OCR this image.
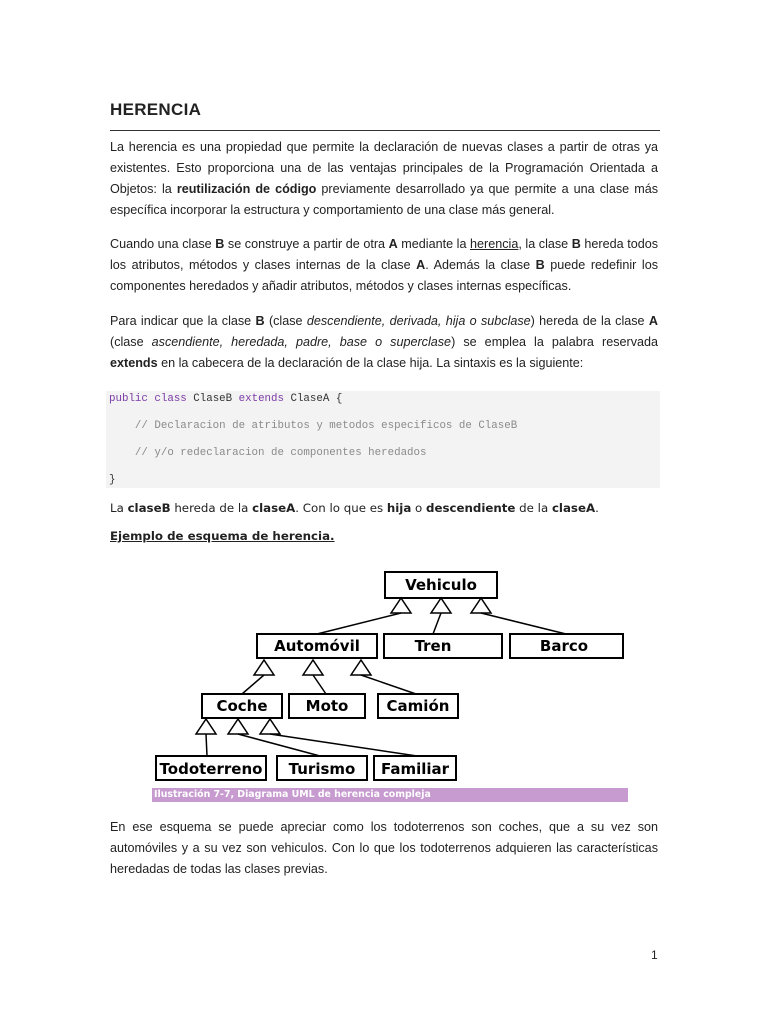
HERENCIA
La herencia es una propiedad que permite la declaración de nuevas clases a partir de otras ya existentes. Esto proporciona una de las ventajas principales de la Programación Orientada a Objetos: la reutilización de código previamente desarrollado ya que permite a una clase más específica incorporar la estructura y comportamiento de una clase más general.
Cuando una clase B se construye a partir de otra A mediante la herencia, la clase B hereda todos los atributos, métodos y clases internas de la clase A. Además la clase B puede redefinir los componentes heredados y añadir atributos, métodos y clases internas específicas.
Para indicar que la clase B (clase descendiente, derivada, hija o subclase) hereda de la clase A (clase ascendiente, heredada, padre, base o superclase) se emplea la palabra reservada extends en la cabecera de la declaración de la clase hija. La sintaxis es la siguiente:
public class ClaseB extends ClaseA {
// Declaracion de atributos y metodos especificos de ClaseB
// y/o redeclaracion de componentes heredados
}
La claseB hereda de la claseA. Con lo que es hija o descendiente de la claseA.
Ejemplo de esquema de herencia.
Vehiculo
Automóvil	Tren	Barco
Coche	Moto	Camión
Todoterreno Turismo Familiar
Ilustración 7-7, Diagrama UML de herencia compleja
En ese esquema se puede apreciar como los todoterrenos son coches, que a su vez son automóviles y a su vez son vehiculos. Con lo que los todoterrenos adquieren las características heredadas de todas las clases previas.
1
